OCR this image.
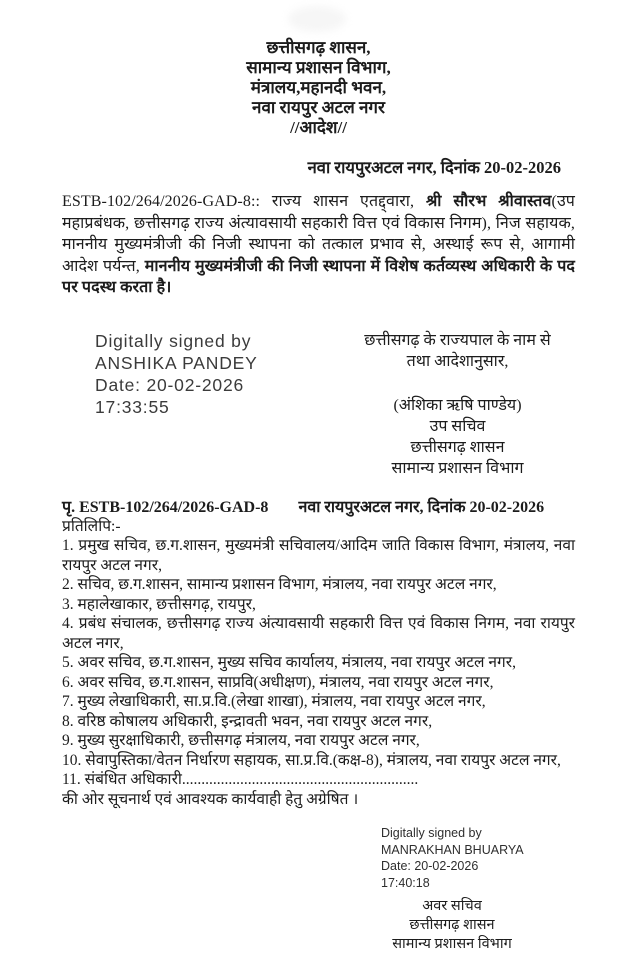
छत्तीसगढ़ शासन,
सामान्य प्रशासन विभाग,
मंत्रालय,महानदी भवन,
नवा रायपुर अटल नगर
//आदेश//
नवा रायपुरअटल नगर, दिनांक 20-02-2026

ESTB-102/264/2026-GAD-8:: राज्य शासन एतद्द्वारा, श्री सौरभ श्रीवास्तव(उप महाप्रबंधक, छत्तीसगढ़ राज्य अंत्यावसायी सहकारी वित्त एवं विकास निगम), निज सहायक, माननीय मुख्यमंत्रीजी की निजी स्थापना को तत्काल प्रभाव से, अस्थाई रूप से, आगामी आदेश पर्यन्त, माननीय मुख्यमंत्रीजी की निजी स्थापना में विशेष कर्तव्यस्थ अधिकारी के पद पर पदस्थ करता है।

Digitally signed by
ANSHIKA PANDEY
Date: 20-02-2026
17:33:55
छत्तीसगढ़ के राज्यपाल के नाम से
तथा आदेशानुसार,
(अंशिका ऋषि पाण्डेय)
उप सचिव
छत्तीसगढ़ शासन
सामान्य प्रशासन विभाग
पृ. ESTB-102/264/2026-GAD-8 नवा रायपुरअटल नगर, दिनांक 20-02-2026
प्रतिलिपि:-
1. प्रमुख सचिव, छ.ग.शासन, मुख्यमंत्री सचिवालय/आदिम जाति विकास विभाग, मंत्रालय, नवा रायपुर अटल नगर,
2. सचिव, छ.ग.शासन, सामान्य प्रशासन विभाग, मंत्रालय, नवा रायपुर अटल नगर,
3. महालेखाकार, छत्तीसगढ़, रायपुर,
4. प्रबंध संचालक, छत्तीसगढ़ राज्य अंत्यावसायी सहकारी वित्त एवं विकास निगम, नवा रायपुर अटल नगर,
5. अवर सचिव, छ.ग.शासन, मुख्य सचिव कार्यालय, मंत्रालय, नवा रायपुर अटल नगर,
6. अवर सचिव, छ.ग.शासन, साप्रवि(अधीक्षण), मंत्रालय, नवा रायपुर अटल नगर,
7. मुख्य लेखाधिकारी, सा.प्र.वि.(लेखा शाखा), मंत्रालय, नवा रायपुर अटल नगर,
8. वरिष्ठ कोषालय अधिकारी, इन्द्रावती भवन, नवा रायपुर अटल नगर,
9. मुख्य सुरक्षाधिकारी, छत्तीसगढ़ मंत्रालय, नवा रायपुर अटल नगर,
10. सेवापुस्तिका/वेतन निर्धारण सहायक, सा.प्र.वि.(कक्ष-8), मंत्रालय, नवा रायपुर अटल नगर,
11. संबंधित अधिकारी.............................................................
की ओर सूचनार्थ एवं आवश्यक कार्यवाही हेतु अग्रेषित ।
Digitally signed by
MANRAKHAN BHUARYA
Date: 20-02-2026
17:40:18
अवर सचिव
छत्तीसगढ़ शासन
सामान्य प्रशासन विभाग
